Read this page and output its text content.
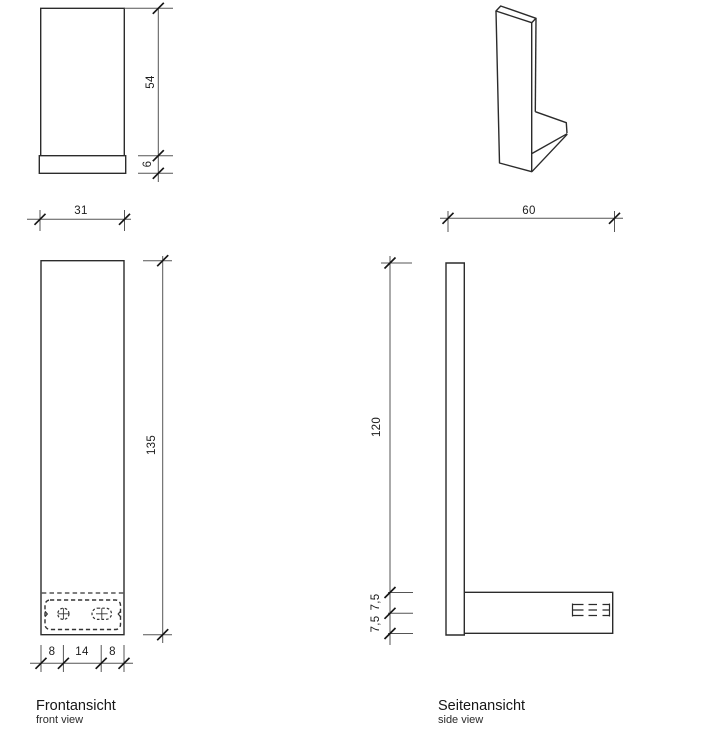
54
6
31	60
135
8 14 8
120
7,5
7,5
Frontansicht
front view
Seitenansicht
side view
